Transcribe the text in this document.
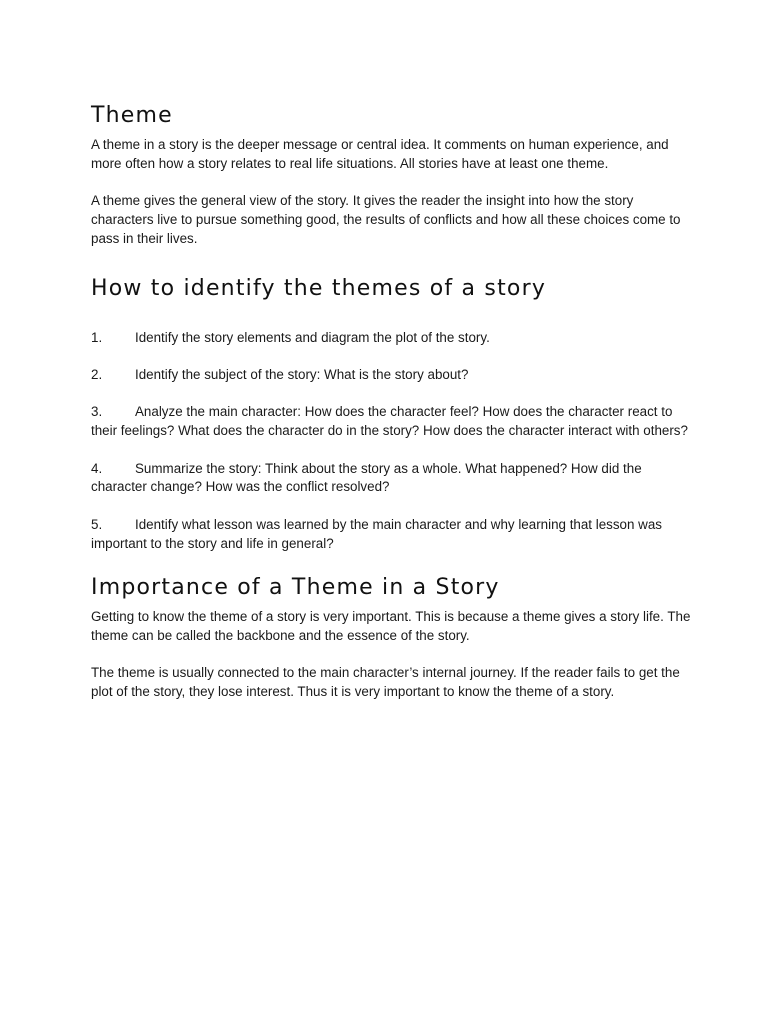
Theme

A theme in a story is the deeper message or central idea. It comments on human experience, and more often how a story relates to real life situations. All stories have at least one theme.

A theme gives the general view of the story. It gives the reader the insight into how the story characters live to pursue something good, the results of conflicts and how all these choices come to pass in their lives.

How to identify the themes of a story

1. Identify the story elements and diagram the plot of the story.

2. Identify the subject of the story: What is the story about?

3. Analyze the main character: How does the character feel? How does the character react to their feelings? What does the character do in the story? How does the character interact with others?

4. Summarize the story: Think about the story as a whole. What happened? How did the character change? How was the conflict resolved?

5. Identify what lesson was learned by the main character and why learning that lesson was important to the story and life in general?

Importance of a Theme in a Story

Getting to know the theme of a story is very important. This is because a theme gives a story life. The theme can be called the backbone and the essence of the story.

The theme is usually connected to the main character’s internal journey. If the reader fails to get the plot of the story, they lose interest. Thus it is very important to know the theme of a story.
